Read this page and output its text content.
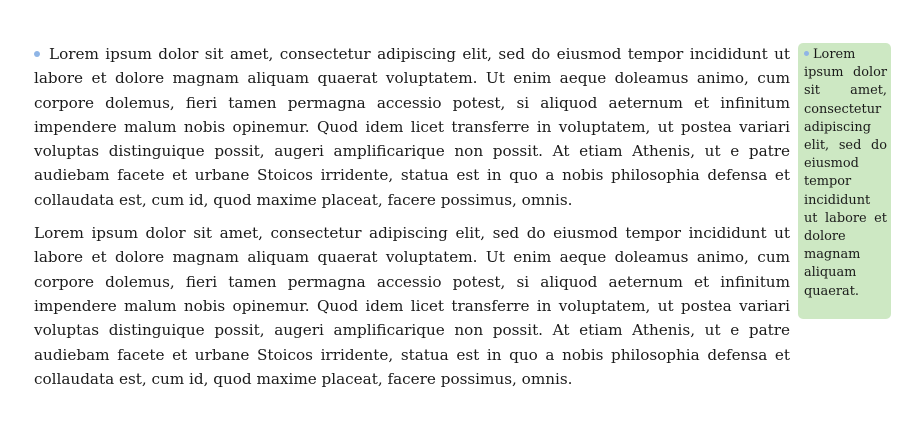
Lorem ipsum dolor sit amet, consectetur adipiscing elit, sed do eiusmod tempor incididunt ut labore et dolore magnam aliquam quaerat voluptatem. Ut enim aeque doleamus animo, cum corpore dolemus, fieri tamen permagna accessio potest, si aliquod aeternum et infinitum impendere malum nobis opinemur. Quod idem licet transferre in voluptatem, ut postea variari voluptas distinguique possit, augeri amplificarique non possit. At etiam Athenis, ut e patre audiebam facete et urbane Stoicos irridente, statua est in quo a nobis philosophia defensa et collaudata est, cum id, quod maxime placeat, facere possimus, omnis.

Lorem ipsum dolor sit amet, consectetur adipiscing elit, sed do eiusmod tempor incididunt ut labore et dolore magnam aliquam quaerat voluptatem. Ut enim aeque doleamus animo, cum corpore dolemus, fieri tamen permagna accessio potest, si aliquod aeternum et infinitum impendere malum nobis opinemur. Quod idem licet transferre in voluptatem, ut postea variari voluptas distinguique possit, augeri amplificarique non possit. At etiam Athenis, ut e patre audiebam facete et urbane Stoicos irridente, statua est in quo a nobis philosophia defensa et collaudata est, cum id, quod maxime placeat, facere possimus, omnis.

Lorem ipsum dolor sit amet, consectetur adipiscing elit, sed do eiusmod tempor incididunt ut labore et dolore magnam aliquam quaerat.
